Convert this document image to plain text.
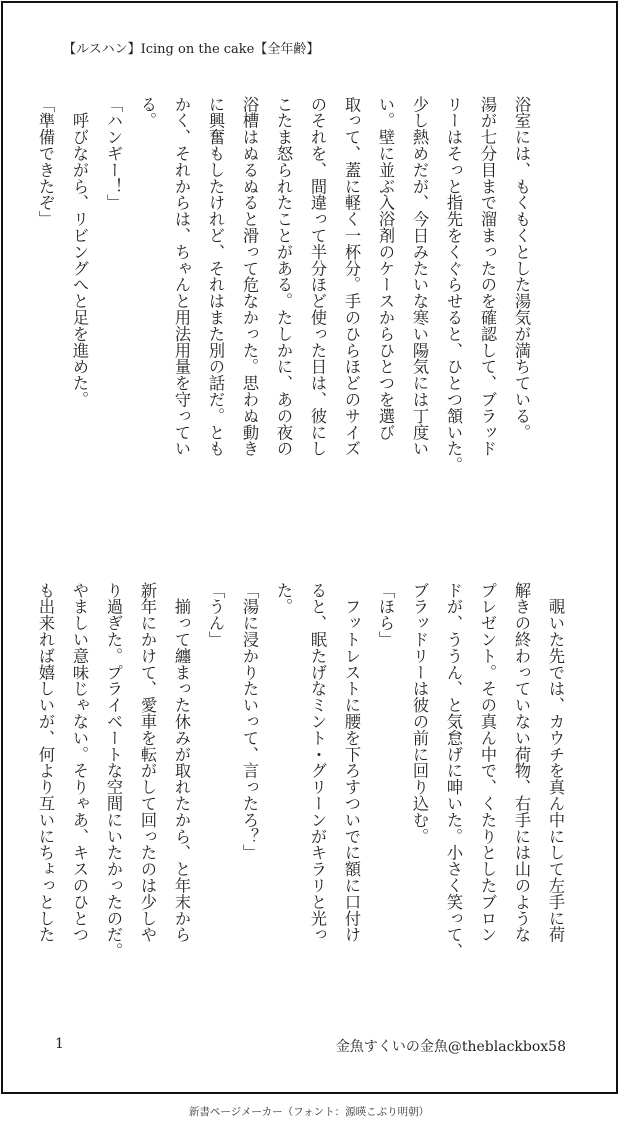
【ルスハン】Icing on the cake【全年齢】
浴室には、もくもくとした湯気が満ちている。
湯が七分目まで溜まったのを確認して、ブラッド
リーはそっと指先をくぐらせると、ひとつ頷いた。
少し熱めだが、今日みたいな寒い陽気には丁度い
い。壁に並ぶ入浴剤のケースからひとつを選び
取って、蓋に軽く一杯分。手のひらほどのサイズ
のそれを、間違って半分ほど使った日は、彼にし
こたま怒られたことがある。たしかに、あの夜の
浴槽はぬるぬると滑って危なかった。思わぬ動き
に興奮もしたけれど、それはまた別の話だ。とも
かく、それからは、ちゃんと用法用量を守ってい
る。
「ハンギー！」
　呼びながら、リビングへと足を進めた。
「準備できたぞ」
　覗いた先では、カウチを真ん中にして左手に荷
解きの終わっていない荷物、右手には山のような
プレゼント。その真ん中で、くたりとしたブロン
ドが、ううん、と気怠げに呻いた。小さく笑って、
ブラッドリーは彼の前に回り込む。
「ほら」
　フットレストに腰を下ろすついでに額に口付け
ると、眠たげなミント・グリーンがキラリと光っ
た。
「湯に浸かりたいって、言ったろ？」
「うん」
　揃って纏まった休みが取れたから、と年末から
新年にかけて、愛車を転がして回ったのは少しや
り過ぎた。プライベートな空間にいたかったのだ。
やましい意味じゃない。そりゃあ、キスのひとつ
も出来れば嬉しいが、何より互いにちょっとした
1	金魚すくいの金魚@theblackbox58
新書ページメーカー（フォント：源暎こぶり明朝）
